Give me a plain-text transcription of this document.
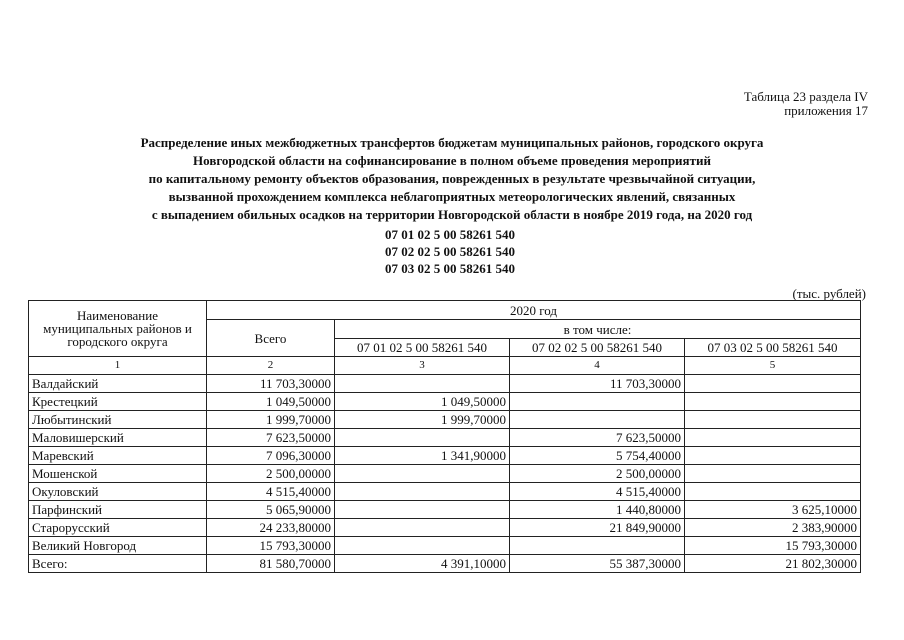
Таблица 23 раздела IV
приложения 17
Распределение иных межбюджетных трансфертов бюджетам муниципальных районов, городского округа
Новгородской области на софинансирование в полном объеме проведения мероприятий
по капитальному ремонту объектов образования, поврежденных в результате чрезвычайной ситуации,
вызванной прохождением комплекса неблагоприятных метеорологических явлений, связанных
с выпадением обильных осадков на территории Новгородской области в ноябре 2019 года, на 2020 год
07 01 02 5 00 58261 540
07 02 02 5 00 58261 540
07 03 02 5 00 58261 540
(тыс. рублей)
Наименование муниципальных районов и городского округа	2020 год			
	Всего	в том числе:		
		07 01 02 5 00 58261 540	07 02 02 5 00 58261 540	07 03 02 5 00 58261 540
1	2	3	4	5
Валдайский	11 703,30000		11 703,30000	
Крестецкий	1 049,50000	1 049,50000		
Любытинский	1 999,70000	1 999,70000		
Маловишерский	7 623,50000		7 623,50000	
Маревский	7 096,30000	1 341,90000	5 754,40000	
Мошенской	2 500,00000		2 500,00000	
Окуловский	4 515,40000		4 515,40000	
Парфинский	5 065,90000		1 440,80000	3 625,10000
Старорусский	24 233,80000		21 849,90000	2 383,90000
Великий Новгород	15 793,30000			15 793,30000
Всего:	81 580,70000	4 391,10000	55 387,30000	21 802,30000
